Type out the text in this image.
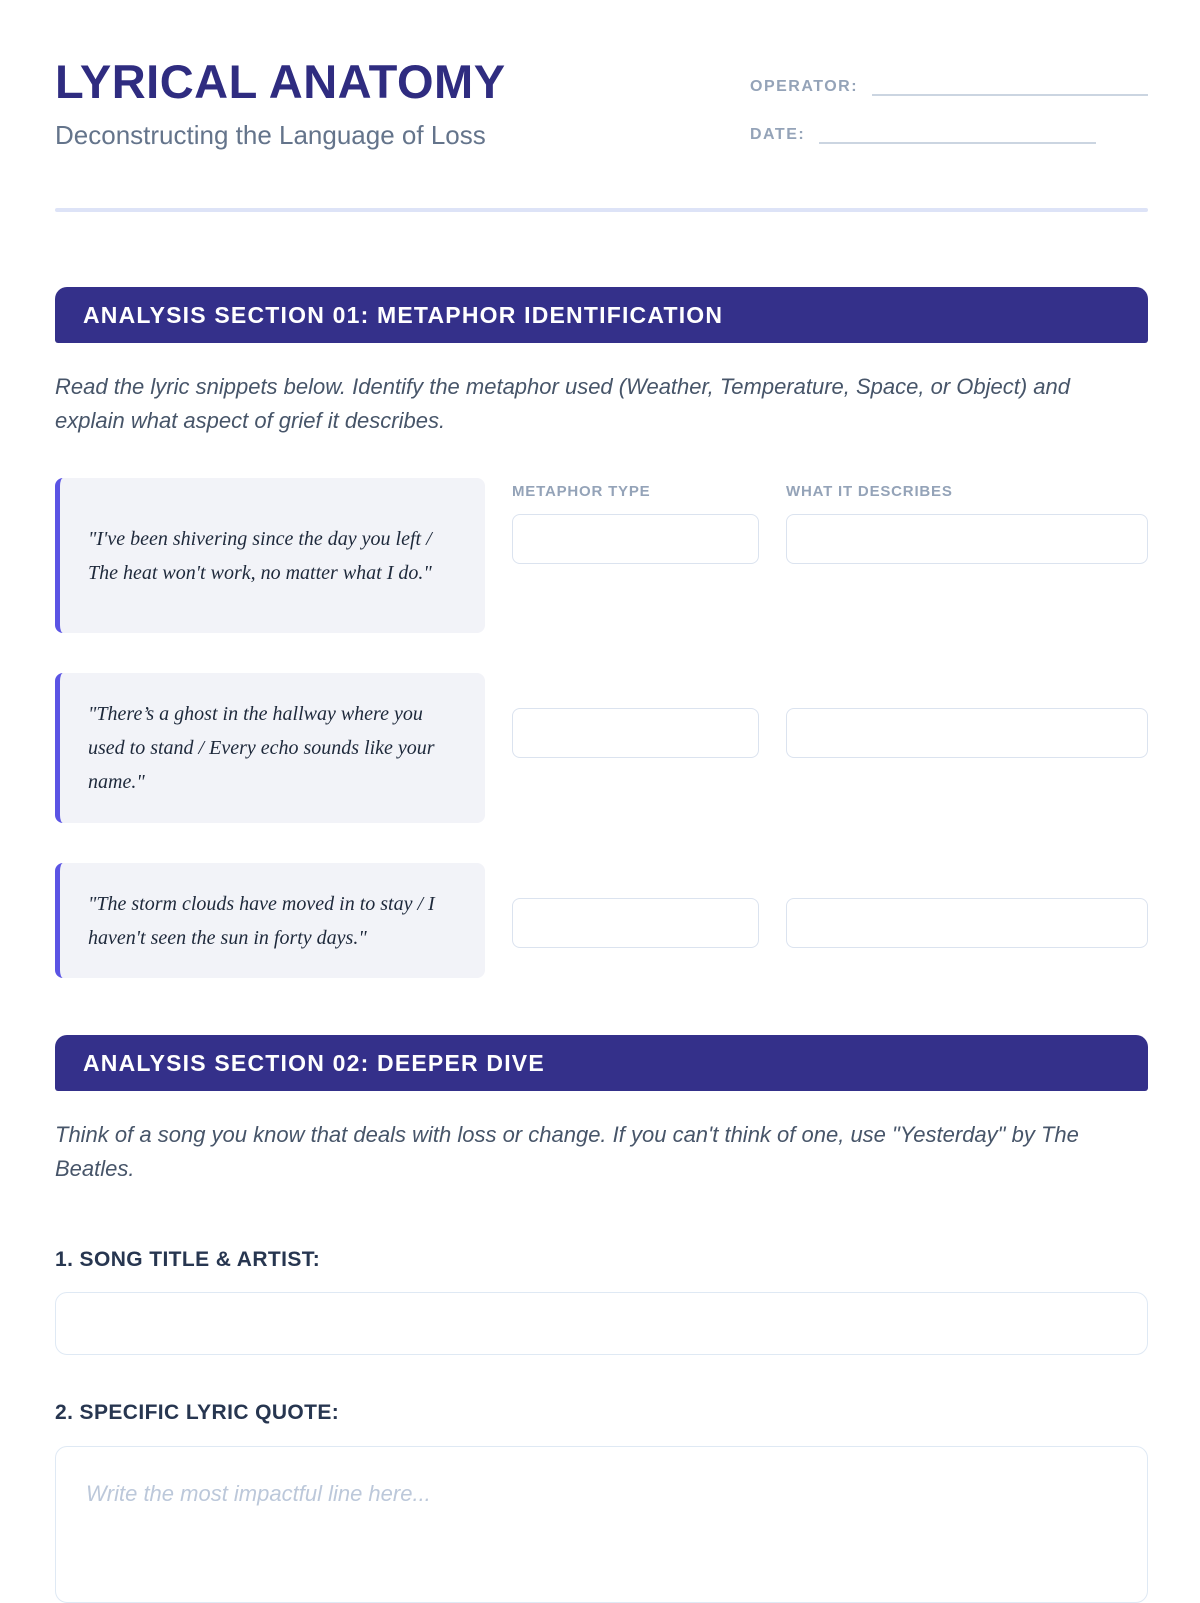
LYRICAL ANATOMY
Deconstructing the Language of Loss
OPERATOR:
DATE:
ANALYSIS SECTION 01: METAPHOR IDENTIFICATION

Read the lyric snippets below. Identify the metaphor used (Weather, Temperature, Space, or Object) and explain what aspect of grief it describes.

"I've been shivering since the day you left / The heat won't work, no matter what I do."
METAPHOR TYPE	WHAT IT DESCRIBES
"There’s a ghost in the hallway where you used to stand / Every echo sounds like your name."
"The storm clouds have moved in to stay / I haven't seen the sun in forty days."
ANALYSIS SECTION 02: DEEPER DIVE

Think of a song you know that deals with loss or change. If you can't think of one, use "Yesterday" by The Beatles.

1. SONG TITLE & ARTIST:
2. SPECIFIC LYRIC QUOTE:
Write the most impactful line here...
